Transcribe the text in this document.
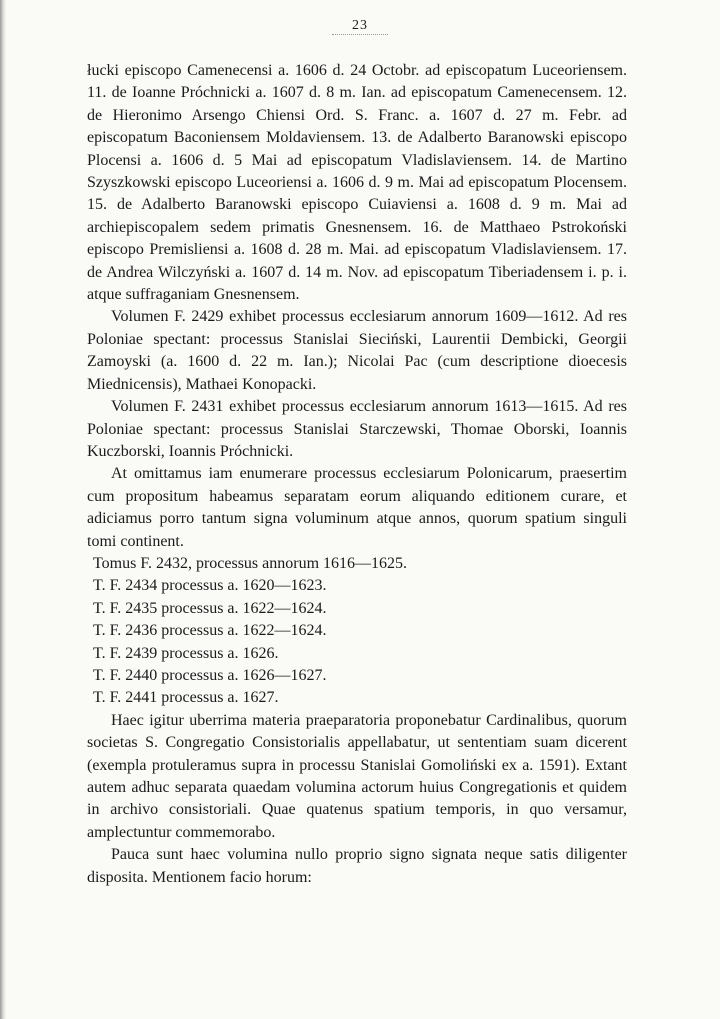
23

łucki episcopo Camenecensi a. 1606 d. 24 Octobr. ad episcopatum Luceoriensem. 11. de Ioanne Próchnicki a. 1607 d. 8 m. Ian. ad episcopatum Camenecensem. 12. de Hieronimo Arsengo Chiensi Ord. S. Franc. a. 1607 d. 27 m. Febr. ad episcopatum Baconiensem Moldaviensem. 13. de Adalberto Baranowski episcopo Plocensi a. 1606 d. 5 Mai ad episcopatum Vladislaviensem. 14. de Martino Szyszkowski episcopo Luceoriensi a. 1606 d. 9 m. Mai ad episcopatum Plocensem. 15. de Adalberto Baranowski episcopo Cuiaviensi a. 1608 d. 9 m. Mai ad archiepiscopalem sedem primatis Gnesnensem. 16. de Matthaeo Pstrokoński episcopo Premisliensi a. 1608 d. 28 m. Mai. ad episcopatum Vladislaviensem. 17. de Andrea Wilczyński a. 1607 d. 14 m. Nov. ad episcopatum Tiberiadensem i. p. i. atque suffraganiam Gnesnensem.

Volumen F. 2429 exhibet processus ecclesiarum annorum 1609—1612. Ad res Poloniae spectant: processus Stanislai Sieciński, Laurentii Dembicki, Georgii Zamoyski (a. 1600 d. 22 m. Ian.); Nicolai Pac (cum descriptione dioecesis Miednicensis), Mathaei Konopacki.

Volumen F. 2431 exhibet processus ecclesiarum annorum 1613—1615. Ad res Poloniae spectant: processus Stanislai Starczewski, Thomae Oborski, Ioannis Kuczborski, Ioannis Próchnicki.

At omittamus iam enumerare processus ecclesiarum Polonicarum, praesertim cum propositum habeamus separatam eorum aliquando editionem curare, et adiciamus porro tantum signa voluminum atque annos, quorum spatium singuli tomi continent.

Tomus F. 2432, processus annorum 1616—1625.
T. F. 2434 processus a. 1620—1623.
T. F. 2435 processus a. 1622—1624.
T. F. 2436 processus a. 1622—1624.
T. F. 2439 processus a. 1626.
T. F. 2440 processus a. 1626—1627.
T. F. 2441 processus a. 1627.

Haec igitur uberrima materia praeparatoria proponebatur Cardinalibus, quorum societas S. Congregatio Consistorialis appellabatur, ut sententiam suam dicerent (exempla protuleramus supra in processu Stanislai Gomoliński ex a. 1591). Extant autem adhuc separata quaedam volumina actorum huius Congregationis et quidem in archivo consistoriali. Quae quatenus spatium temporis, in quo versamur, amplectuntur commemorabo.

Pauca sunt haec volumina nullo proprio signo signata neque satis diligenter disposita. Mentionem facio horum:
